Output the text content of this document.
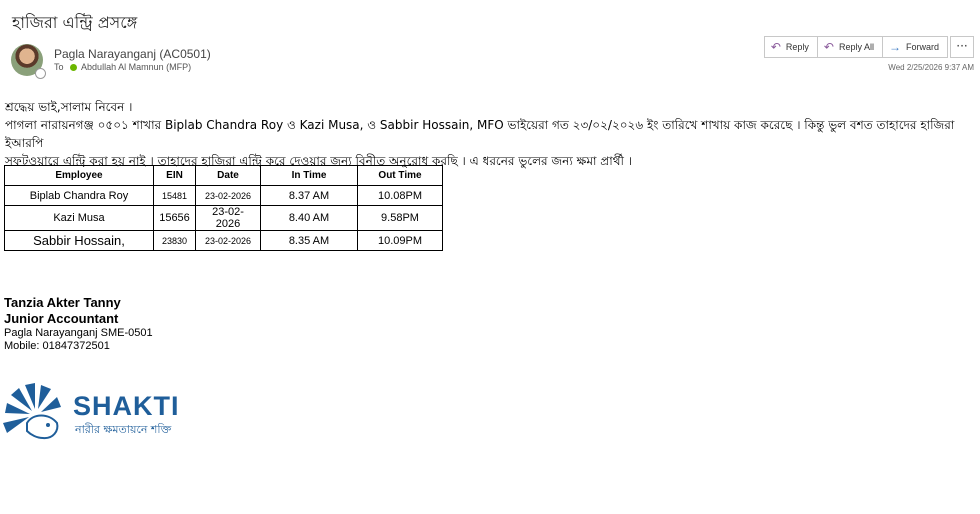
হাজিরা এন্ট্রি প্রসঙ্গে
Pagla Narayanganj (AC0501)
To Abdullah Al Mamnun (MFP)
↶ Reply ↶ Reply All → Forward	···
Wed 2/25/2026 9:37 AM

শ্রদ্ধেয় ভাই,সালাম নিবেন ।

পাগলা নারায়নগঞ্জ ০৫০১ শাখার Biplab Chandra Roy ও Kazi Musa, ও Sabbir Hossain, MFO ভাইয়েরা গত ২৩/০২/২০২৬ ইং তারিখে শাখায় কাজ করেছে । কিন্তু ভুল বশত তাহাদের হাজিরা ইআরপি

সফটওয়ারে এন্ট্রি করা হয় নাই । তাহাদের হাজিরা এন্ট্রি করে দেওয়ার জন্য বিনীত অনুরোধ করছি । এ ধরনের ভুলের জন্য ক্ষমা প্রার্থী ।

Employee	EIN	Date	In Time	Out Time
Biplab Chandra Roy	15481	23-02-2026	8.37 AM	10.08PM
Kazi Musa	15656	23-02-2026	8.40 AM	9.58PM
Sabbir Hossain,	23830	23-02-2026	8.35 AM	10.09PM
Tanzia Akter Tanny
Junior Accountant
Pagla Narayanganj SME-0501
Mobile: 01847372501
SHAKTI
নারীর ক্ষমতায়নে শক্তি
